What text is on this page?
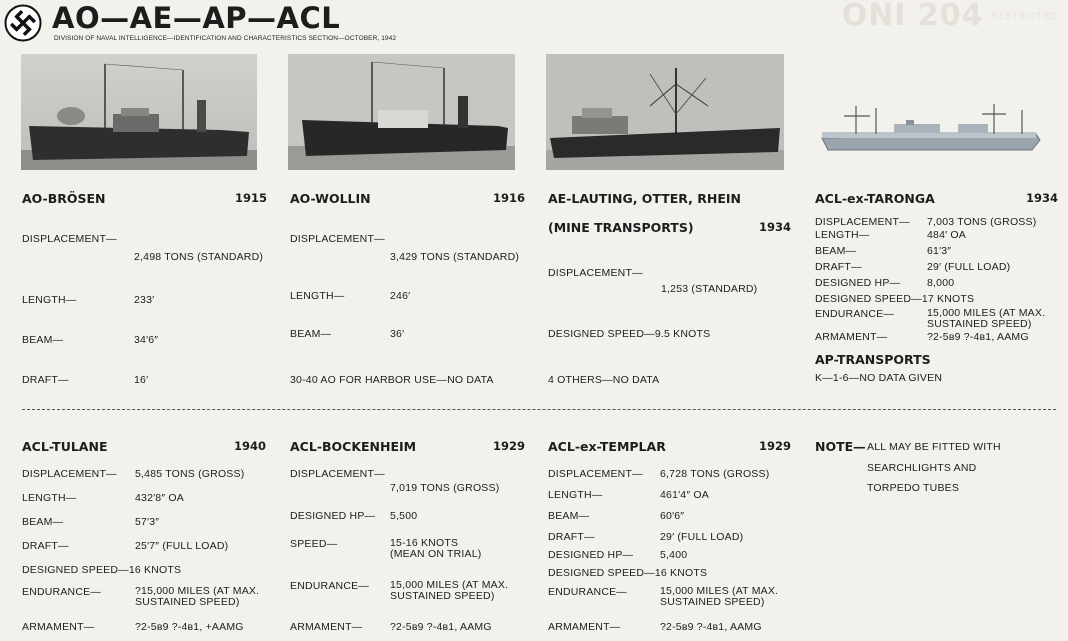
ONI 204 RESTRICTED
AO—AE—AP—ACL
DIVISION OF NAVAL INTELLIGENCE—IDENTIFICATION AND CHARACTERISTICS SECTION—OCTOBER, 1942
AO-BRÖSEN	1915
DISPLACEMENT—
2,498 TONS (STANDARD)
LENGTH—	233′
BEAM—	34′6″
DRAFT—	16′
AO-WOLLIN	1916
DISPLACEMENT—
3,429 TONS (STANDARD)
LENGTH—	246′
BEAM—	36′
30-40 AO FOR HARBOR USE—NO DATA
AE-LAUTING, OTTER, RHEIN
(MINE TRANSPORTS)	1934
DISPLACEMENT—
1,253 (STANDARD)
DESIGNED SPEED—9.5 KNOTS
4 OTHERS—NO DATA
ACL-ex-TARONGA	1934
DISPLACEMENT— 7,003 TONS (GROSS)
LENGTH—	484′ OA
BEAM—	61′3″
DRAFT—	29′ (FULL LOAD)
DESIGNED HP—	8,000
DESIGNED SPEED—17 KNOTS
ENDURANCE—	15,000 MILES (AT MAX.
SUSTAINED SPEED)
ARMAMENT—	?2-5ʙ9 ?-4ʙ1, AAMG
AP-TRANSPORTS
K—1-6—NO DATA GIVEN
ACL-TULANE	1940
DISPLACEMENT— 5,485 TONS (GROSS)
LENGTH—	432′8″ OA
BEAM—	57′3″
DRAFT—	25′7″ (FULL LOAD)
DESIGNED SPEED—16 KNOTS
ENDURANCE—	?15,000 MILES (AT MAX.
SUSTAINED SPEED)
ARMAMENT—	?2-5ʙ9 ?-4ʙ1, +AAMG
ACL-BOCKENHEIM	1929
DISPLACEMENT—
7,019 TONS (GROSS)
DESIGNED HP— 5,500
SPEED—	15-16 KNOTS
(MEAN ON TRIAL)
ENDURANCE— 15,000 MILES (AT MAX.
SUSTAINED SPEED)
ARMAMENT—	?2-5ʙ9 ?-4ʙ1, AAMG
ACL-ex-TEMPLAR	1929
DISPLACEMENT— 6,728 TONS (GROSS)
LENGTH—	461′4″ OA
BEAM—	60′6″
DRAFT—	29′ (FULL LOAD)
DESIGNED HP—	5,400
DESIGNED SPEED—16 KNOTS
ENDURANCE—	15,000 MILES (AT MAX.
SUSTAINED SPEED)
ARMAMENT—	?2-5ʙ9 ?-4ʙ1, AAMG
NOTE— ALL MAY BE FITTED WITH
SEARCHLIGHTS AND
TORPEDO TUBES
